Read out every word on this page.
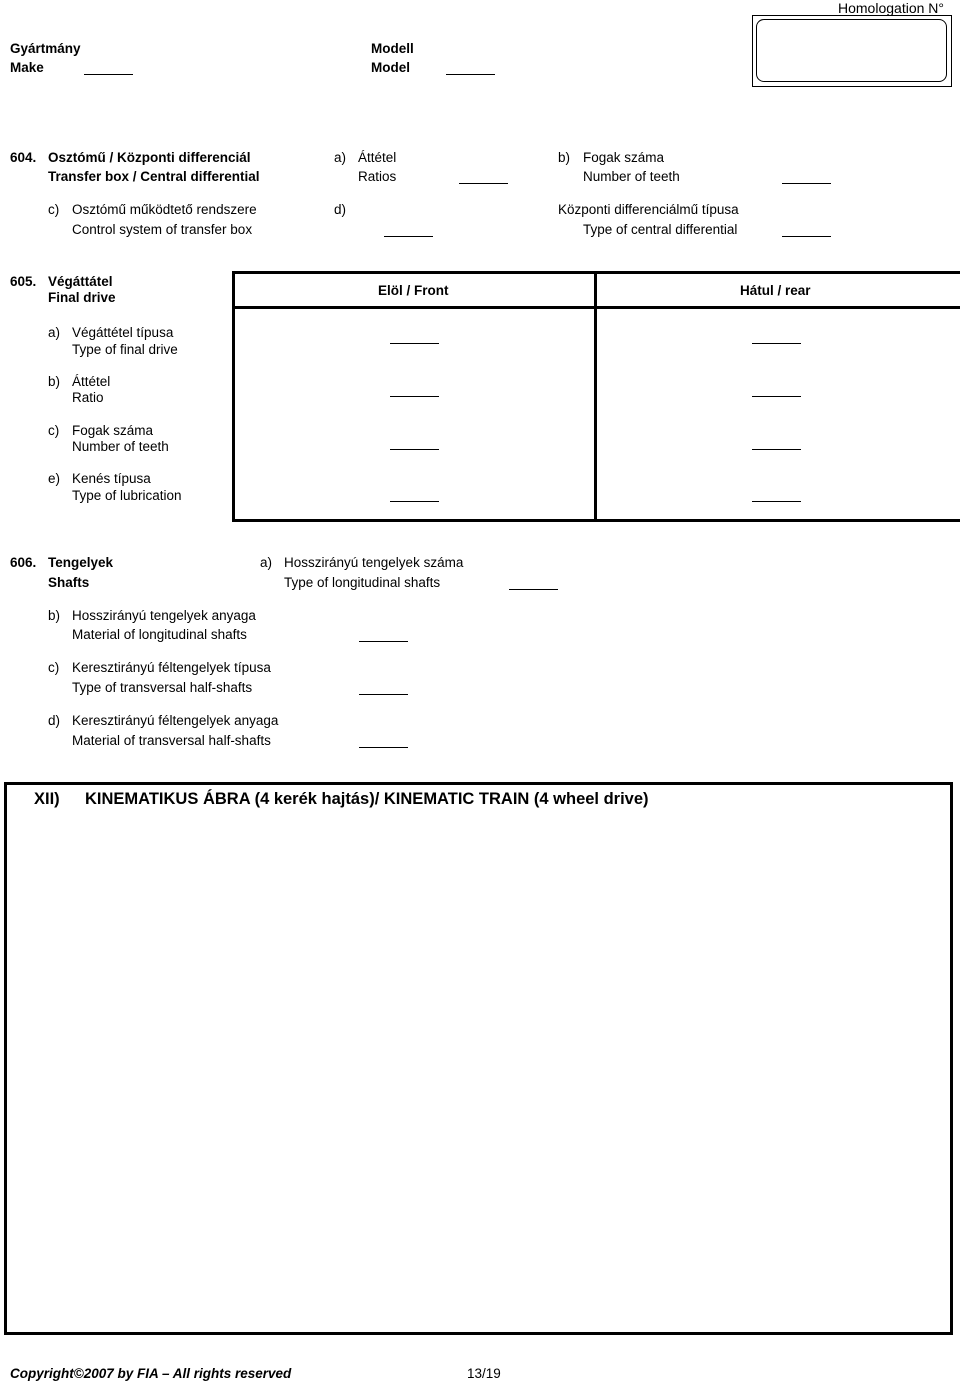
Homologation N°
Gyártmány
Make
Modell
Model
604. Osztómű / Központi differenciál
Transfer box / Central differential
a) Áttétel
Ratios
b) Fogak száma
Number of teeth
c) Osztómű működtető rendszere
Control system of transfer box
d)	Központi differenciálmű típusa
Type of central differential
605. Végáttátel
Final drive	Elöl / Front	Hátul / rear
a) Végáttétel típusa
Type of final drive
b) Áttétel
Ratio
c) Fogak száma
Number of teeth
e) Kenés típusa
Type of lubrication
606. Tengelyek
Shafts
a) Hosszirányú tengelyek száma
Type of longitudinal shafts
b) Hosszirányú tengelyek anyaga
Material of longitudinal shafts
c) Keresztirányú féltengelyek típusa
Type of transversal half-shafts
d) Keresztirányú féltengelyek anyaga
Material of transversal half-shafts
XII) KINEMATIKUS ÁBRA (4 kerék hajtás)/ KINEMATIC TRAIN (4 wheel drive)
Copyright©2007 by FIA – All rights reserved	13/19
